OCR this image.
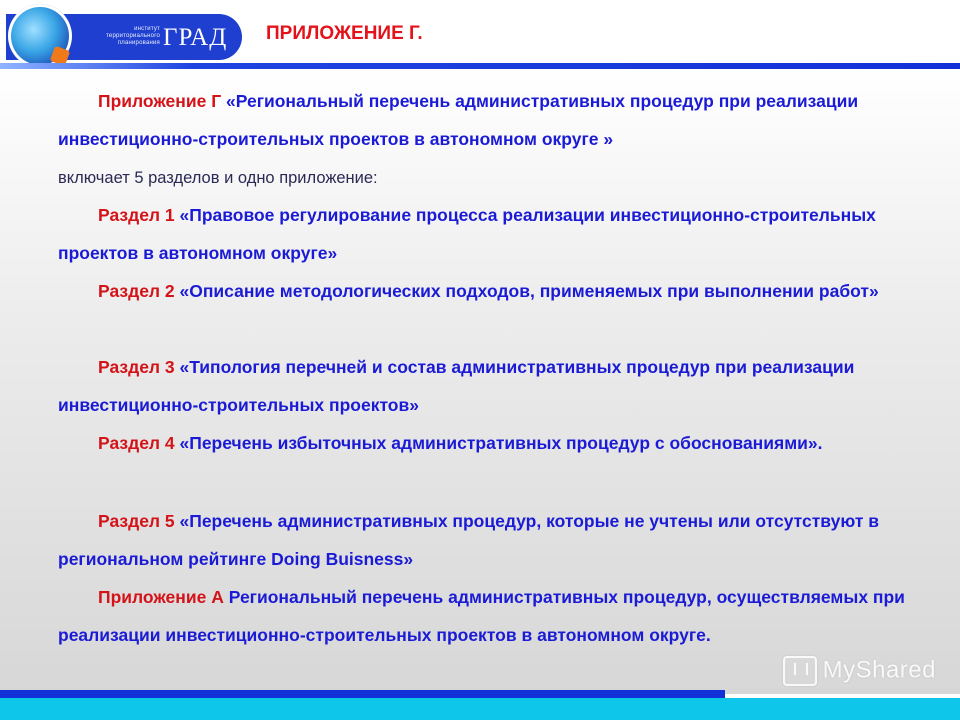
институт
территориального
планирования ГРАД ПРИЛОЖЕНИЕ Г.
Приложение Г «Региональный перечень административных процедур при реализации инвестиционно-строительных проектов в автономном округе »
включает 5 разделов и одно приложение:
Раздел 1 «Правовое регулирование процесса реализации инвестиционно-строительных проектов в автономном округе»
Раздел 2 «Описание методологических подходов, применяемых при выполнении работ»
Раздел 3 «Типология перечней и состав административных процедур при реализации инвестиционно-строительных проектов»
Раздел 4 «Перечень избыточных административных процедур с обоснованиями».
Раздел 5 «Перечень административных процедур, которые не учтены или отсутствуют в региональном рейтинге Doing Buisness»
Приложение А Региональный перечень административных процедур, осуществляемых при реализации инвестиционно-строительных проектов в автономном округе.
MyShared
